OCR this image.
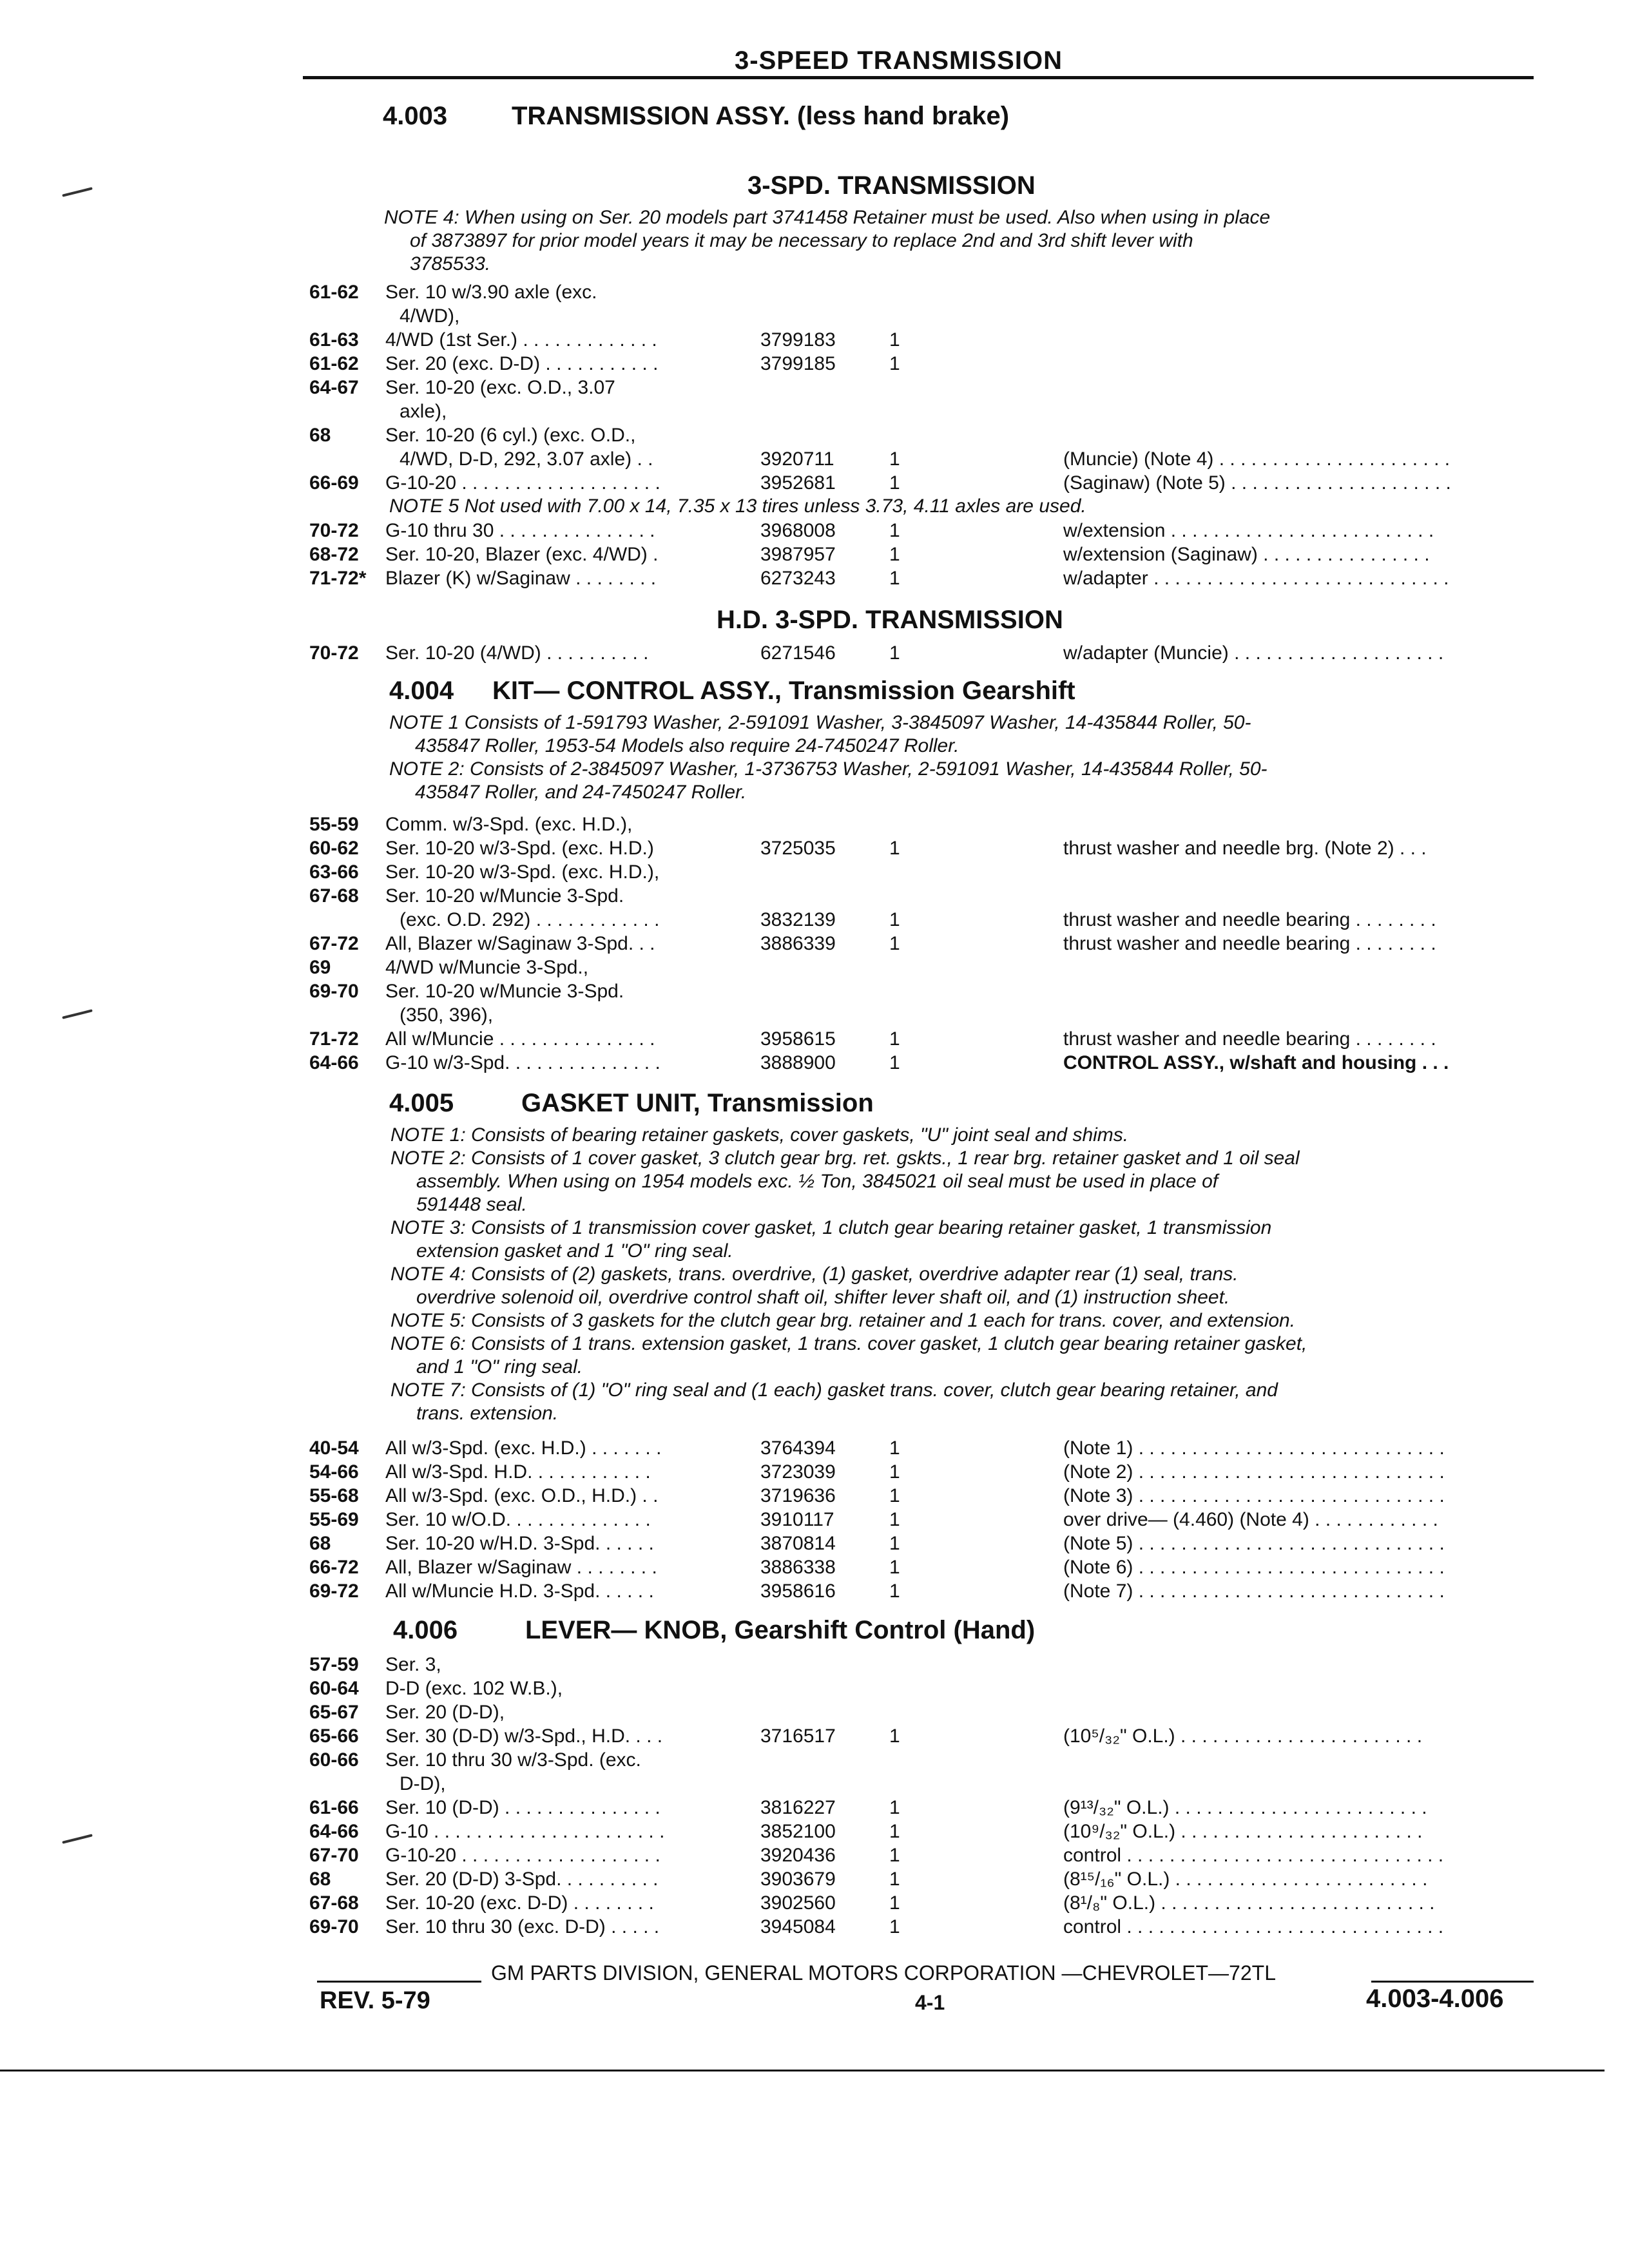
3-SPEED TRANSMISSION
4.003 TRANSMISSION ASSY. (less hand brake)
3-SPD. TRANSMISSION
NOTE 4: When using on Ser. 20 models part 3741458 Retainer must be used. Also when using in place
of 3873897 for prior model years it may be necessary to replace 2nd and 3rd shift lever with
3785533.
61-62	Ser. 10 w/3.90 axle (exc.
4/WD),
61-63	4/WD (1st Ser.) . . . . . . . . . . . . .	3799183	1
61-62	Ser. 20 (exc. D-D) . . . . . . . . . . .	3799185	1
64-67	Ser. 10-20 (exc. O.D., 3.07
axle),
68	Ser. 10-20 (6 cyl.) (exc. O.D.,
4/WD, D-D, 292, 3.07 axle) . .	3920711	1	(Muncie) (Note 4) . . . . . . . . . . . . . . . . . . . . . .
66-69	G-10-20 . . . . . . . . . . . . . . . . . . .	3952681	1	(Saginaw) (Note 5) . . . . . . . . . . . . . . . . . . . . .
NOTE 5 Not used with 7.00 x 14, 7.35 x 13 tires unless 3.73, 4.11 axles are used.
70-72	G-10 thru 30 . . . . . . . . . . . . . . .	3968008	1	w/extension . . . . . . . . . . . . . . . . . . . . . . . . .
68-72	Ser. 10-20, Blazer (exc. 4/WD) .	3987957	1	w/extension (Saginaw) . . . . . . . . . . . . . . . .
71-72* Blazer (K) w/Saginaw . . . . . . . .	6273243	1	w/adapter . . . . . . . . . . . . . . . . . . . . . . . . . . . .
H.D. 3-SPD. TRANSMISSION
70-72	Ser. 10-20 (4/WD) . . . . . . . . . .	6271546	1	w/adapter (Muncie) . . . . . . . . . . . . . . . . . . . .
4.004 KIT— CONTROL ASSY., Transmission Gearshift
NOTE 1 Consists of 1-591793 Washer, 2-591091 Washer, 3-3845097 Washer, 14-435844 Roller, 50-
435847 Roller, 1953-54 Models also require 24-7450247 Roller.
NOTE 2: Consists of 2-3845097 Washer, 1-3736753 Washer, 2-591091 Washer, 14-435844 Roller, 50-
435847 Roller, and 24-7450247 Roller.
55-59	Comm. w/3-Spd. (exc. H.D.),
60-62	Ser. 10-20 w/3-Spd. (exc. H.D.)	3725035	1	thrust washer and needle brg. (Note 2) . . .
63-66	Ser. 10-20 w/3-Spd. (exc. H.D.),
67-68	Ser. 10-20 w/Muncie 3-Spd.
(exc. O.D. 292) . . . . . . . . . . . .	3832139	1	thrust washer and needle bearing . . . . . . . .
67-72	All, Blazer w/Saginaw 3-Spd. . .	3886339	1	thrust washer and needle bearing . . . . . . . .
69	4/WD w/Muncie 3-Spd.,
69-70	Ser. 10-20 w/Muncie 3-Spd.
(350, 396),
71-72	All w/Muncie . . . . . . . . . . . . . . .	3958615	1	thrust washer and needle bearing . . . . . . . .
64-66	G-10 w/3-Spd. . . . . . . . . . . . . . .	3888900	1	CONTROL ASSY., w/shaft and housing . . .
4.005	GASKET UNIT, Transmission
NOTE 1: Consists of bearing retainer gaskets, cover gaskets, "U" joint seal and shims.
NOTE 2: Consists of 1 cover gasket, 3 clutch gear brg. ret. gskts., 1 rear brg. retainer gasket and 1 oil seal
assembly. When using on 1954 models exc. ½ Ton, 3845021 oil seal must be used in place of
591448 seal.
NOTE 3: Consists of 1 transmission cover gasket, 1 clutch gear bearing retainer gasket, 1 transmission
extension gasket and 1 "O" ring seal.
NOTE 4: Consists of (2) gaskets, trans. overdrive, (1) gasket, overdrive adapter rear (1) seal, trans.
overdrive solenoid oil, overdrive control shaft oil, shifter lever shaft oil, and (1) instruction sheet.
NOTE 5: Consists of 3 gaskets for the clutch gear brg. retainer and 1 each for trans. cover, and extension.
NOTE 6: Consists of 1 trans. extension gasket, 1 trans. cover gasket, 1 clutch gear bearing retainer gasket,
and 1 "O" ring seal.
NOTE 7: Consists of (1) "O" ring seal and (1 each) gasket trans. cover, clutch gear bearing retainer, and
trans. extension.
40-54	All w/3-Spd. (exc. H.D.) . . . . . . .	3764394	1	(Note 1) . . . . . . . . . . . . . . . . . . . . . . . . . . . . .
54-66	All w/3-Spd. H.D. . . . . . . . . . . .	3723039	1	(Note 2) . . . . . . . . . . . . . . . . . . . . . . . . . . . . .
55-68	All w/3-Spd. (exc. O.D., H.D.) . .	3719636	1	(Note 3) . . . . . . . . . . . . . . . . . . . . . . . . . . . . .
55-69	Ser. 10 w/O.D. . . . . . . . . . . . . .	3910117	1	over drive— (4.460) (Note 4) . . . . . . . . . . . .
68	Ser. 10-20 w/H.D. 3-Spd. . . . . .	3870814	1	(Note 5) . . . . . . . . . . . . . . . . . . . . . . . . . . . . .
66-72	All, Blazer w/Saginaw . . . . . . . .	3886338	1	(Note 6) . . . . . . . . . . . . . . . . . . . . . . . . . . . . .
69-72	All w/Muncie H.D. 3-Spd. . . . . .	3958616	1	(Note 7) . . . . . . . . . . . . . . . . . . . . . . . . . . . . .
4.006	LEVER— KNOB, Gearshift Control (Hand)
57-59	Ser. 3,
60-64	D-D (exc. 102 W.B.),
65-67	Ser. 20 (D-D),
65-66	Ser. 30 (D-D) w/3-Spd., H.D. . . .	3716517	1	(10⁵/₃₂" O.L.) . . . . . . . . . . . . . . . . . . . . . . .
60-66	Ser. 10 thru 30 w/3-Spd. (exc.
D-D),
61-66	Ser. 10 (D-D) . . . . . . . . . . . . . . .	3816227	1	(9¹³/₃₂" O.L.) . . . . . . . . . . . . . . . . . . . . . . . .
64-66	G-10 . . . . . . . . . . . . . . . . . . . . . .	3852100	1	(10⁹/₃₂" O.L.) . . . . . . . . . . . . . . . . . . . . . . .
67-70	G-10-20 . . . . . . . . . . . . . . . . . . .	3920436	1	control . . . . . . . . . . . . . . . . . . . . . . . . . . . . . .
68	Ser. 20 (D-D) 3-Spd. . . . . . . . . .	3903679	1	(8¹⁵/₁₆" O.L.) . . . . . . . . . . . . . . . . . . . . . . . .
67-68	Ser. 10-20 (exc. D-D) . . . . . . . .	3902560	1	(8¹/₈" O.L.) . . . . . . . . . . . . . . . . . . . . . . . . . .
69-70	Ser. 10 thru 30 (exc. D-D) . . . . .	3945084	1	control . . . . . . . . . . . . . . . . . . . . . . . . . . . . . .
GM PARTS DIVISION, GENERAL MOTORS CORPORATION —CHEVROLET—72TL
REV. 5-79	4-1	4.003-4.006
